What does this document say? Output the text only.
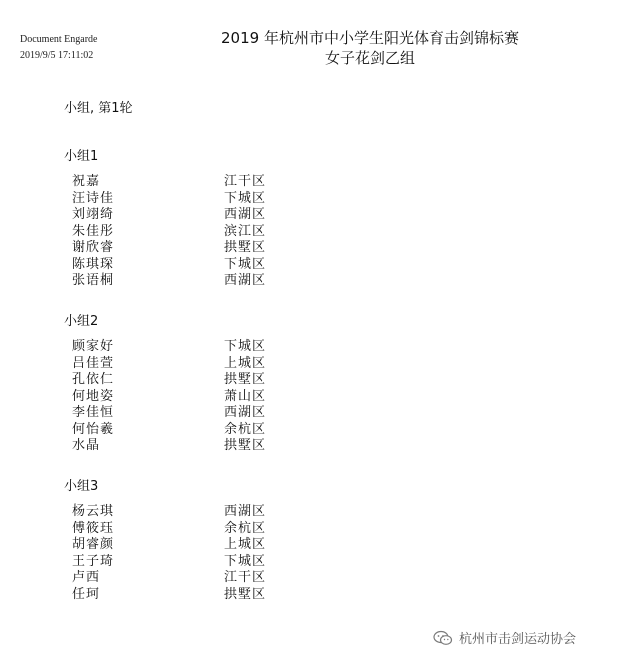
Document Engarde
2019/9/5 17:11:02
2019 年杭州市中小学生阳光体育击剑锦标赛
女子花剑乙组
小组, 第1轮
小组1
祝嘉	江干区
汪诗佳	下城区
刘翊绮	西湖区
朱佳彤	滨江区
谢欣睿	拱墅区
陈琪琛	下城区
张语桐	西湖区
小组2
顾家好	下城区
吕佳萱	上城区
孔依仁	拱墅区
何地姿	萧山区
李佳恒	西湖区
何怡羲	余杭区
水晶	拱墅区
小组3
杨云琪	西湖区
傅筱珏	余杭区
胡睿颜	上城区
王子琦	下城区
卢西	江干区
任珂	拱墅区
杭州市击剑运动协会
